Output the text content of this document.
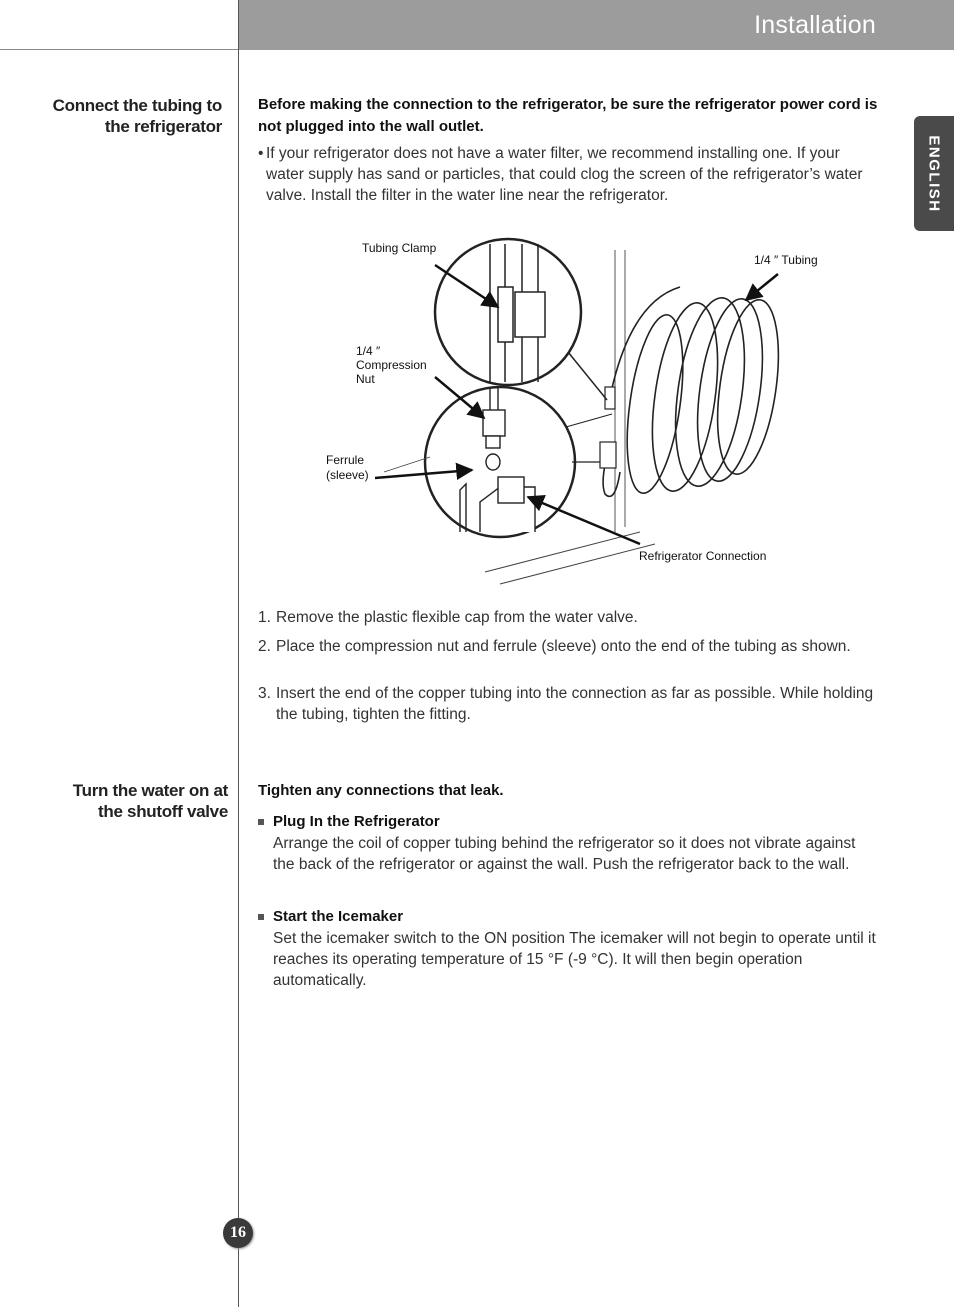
Installation
ENGLISH
Connect the tubing to
the refrigerator
Before making the connection to the refrigerator, be sure the refrigerator power cord is not plugged into the wall outlet.
• If your refrigerator does not have a water filter, we recommend installing one. If your water supply has sand or particles, that could clog the screen of the refrigerator’s water valve. Install the filter in the water line near the refrigerator.
Tubing Clamp
1/4 ″ Tubing
1/4 ″
Compression
Nut
Ferrule
(sleeve)
Refrigerator Connection
1. Remove the plastic flexible cap from the water valve.
2. Place the compression nut and ferrule (sleeve) onto the end of the tubing as shown.
3. Insert the end of the copper tubing into the connection as far as possible. While holding the tubing, tighten the fitting.
Turn the water on at
the shutoff valve
Tighten any connections that leak.
Plug In the Refrigerator
Arrange the coil of copper tubing behind the refrigerator so it does not vibrate against the back of the refrigerator or against the wall. Push the refrigerator back to the wall.
Start the Icemaker
Set the icemaker switch to the ON position The icemaker will not begin to operate until it reaches its operating temperature of 15 °F (-9 °C). It will then begin operation automatically.
16
